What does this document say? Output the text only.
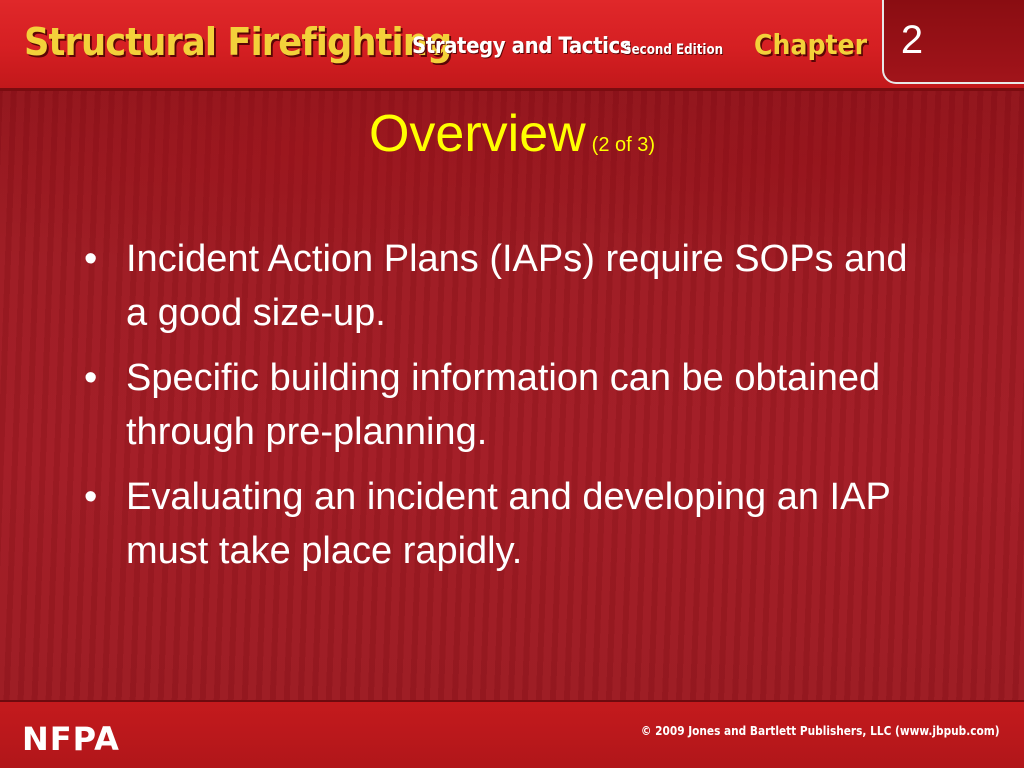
Structural Firefighting
Strategy and Tactics
Second Edition Chapter 2
Overview (2 of 3)
• Incident Action Plans (IAPs) require SOPs and a good size-up.
• Specific building information can be obtained through pre-planning.
• Evaluating an incident and developing an IAP must take place rapidly.
NFPA	© 2009 Jones and Bartlett Publishers, LLC (www.jbpub.com)
